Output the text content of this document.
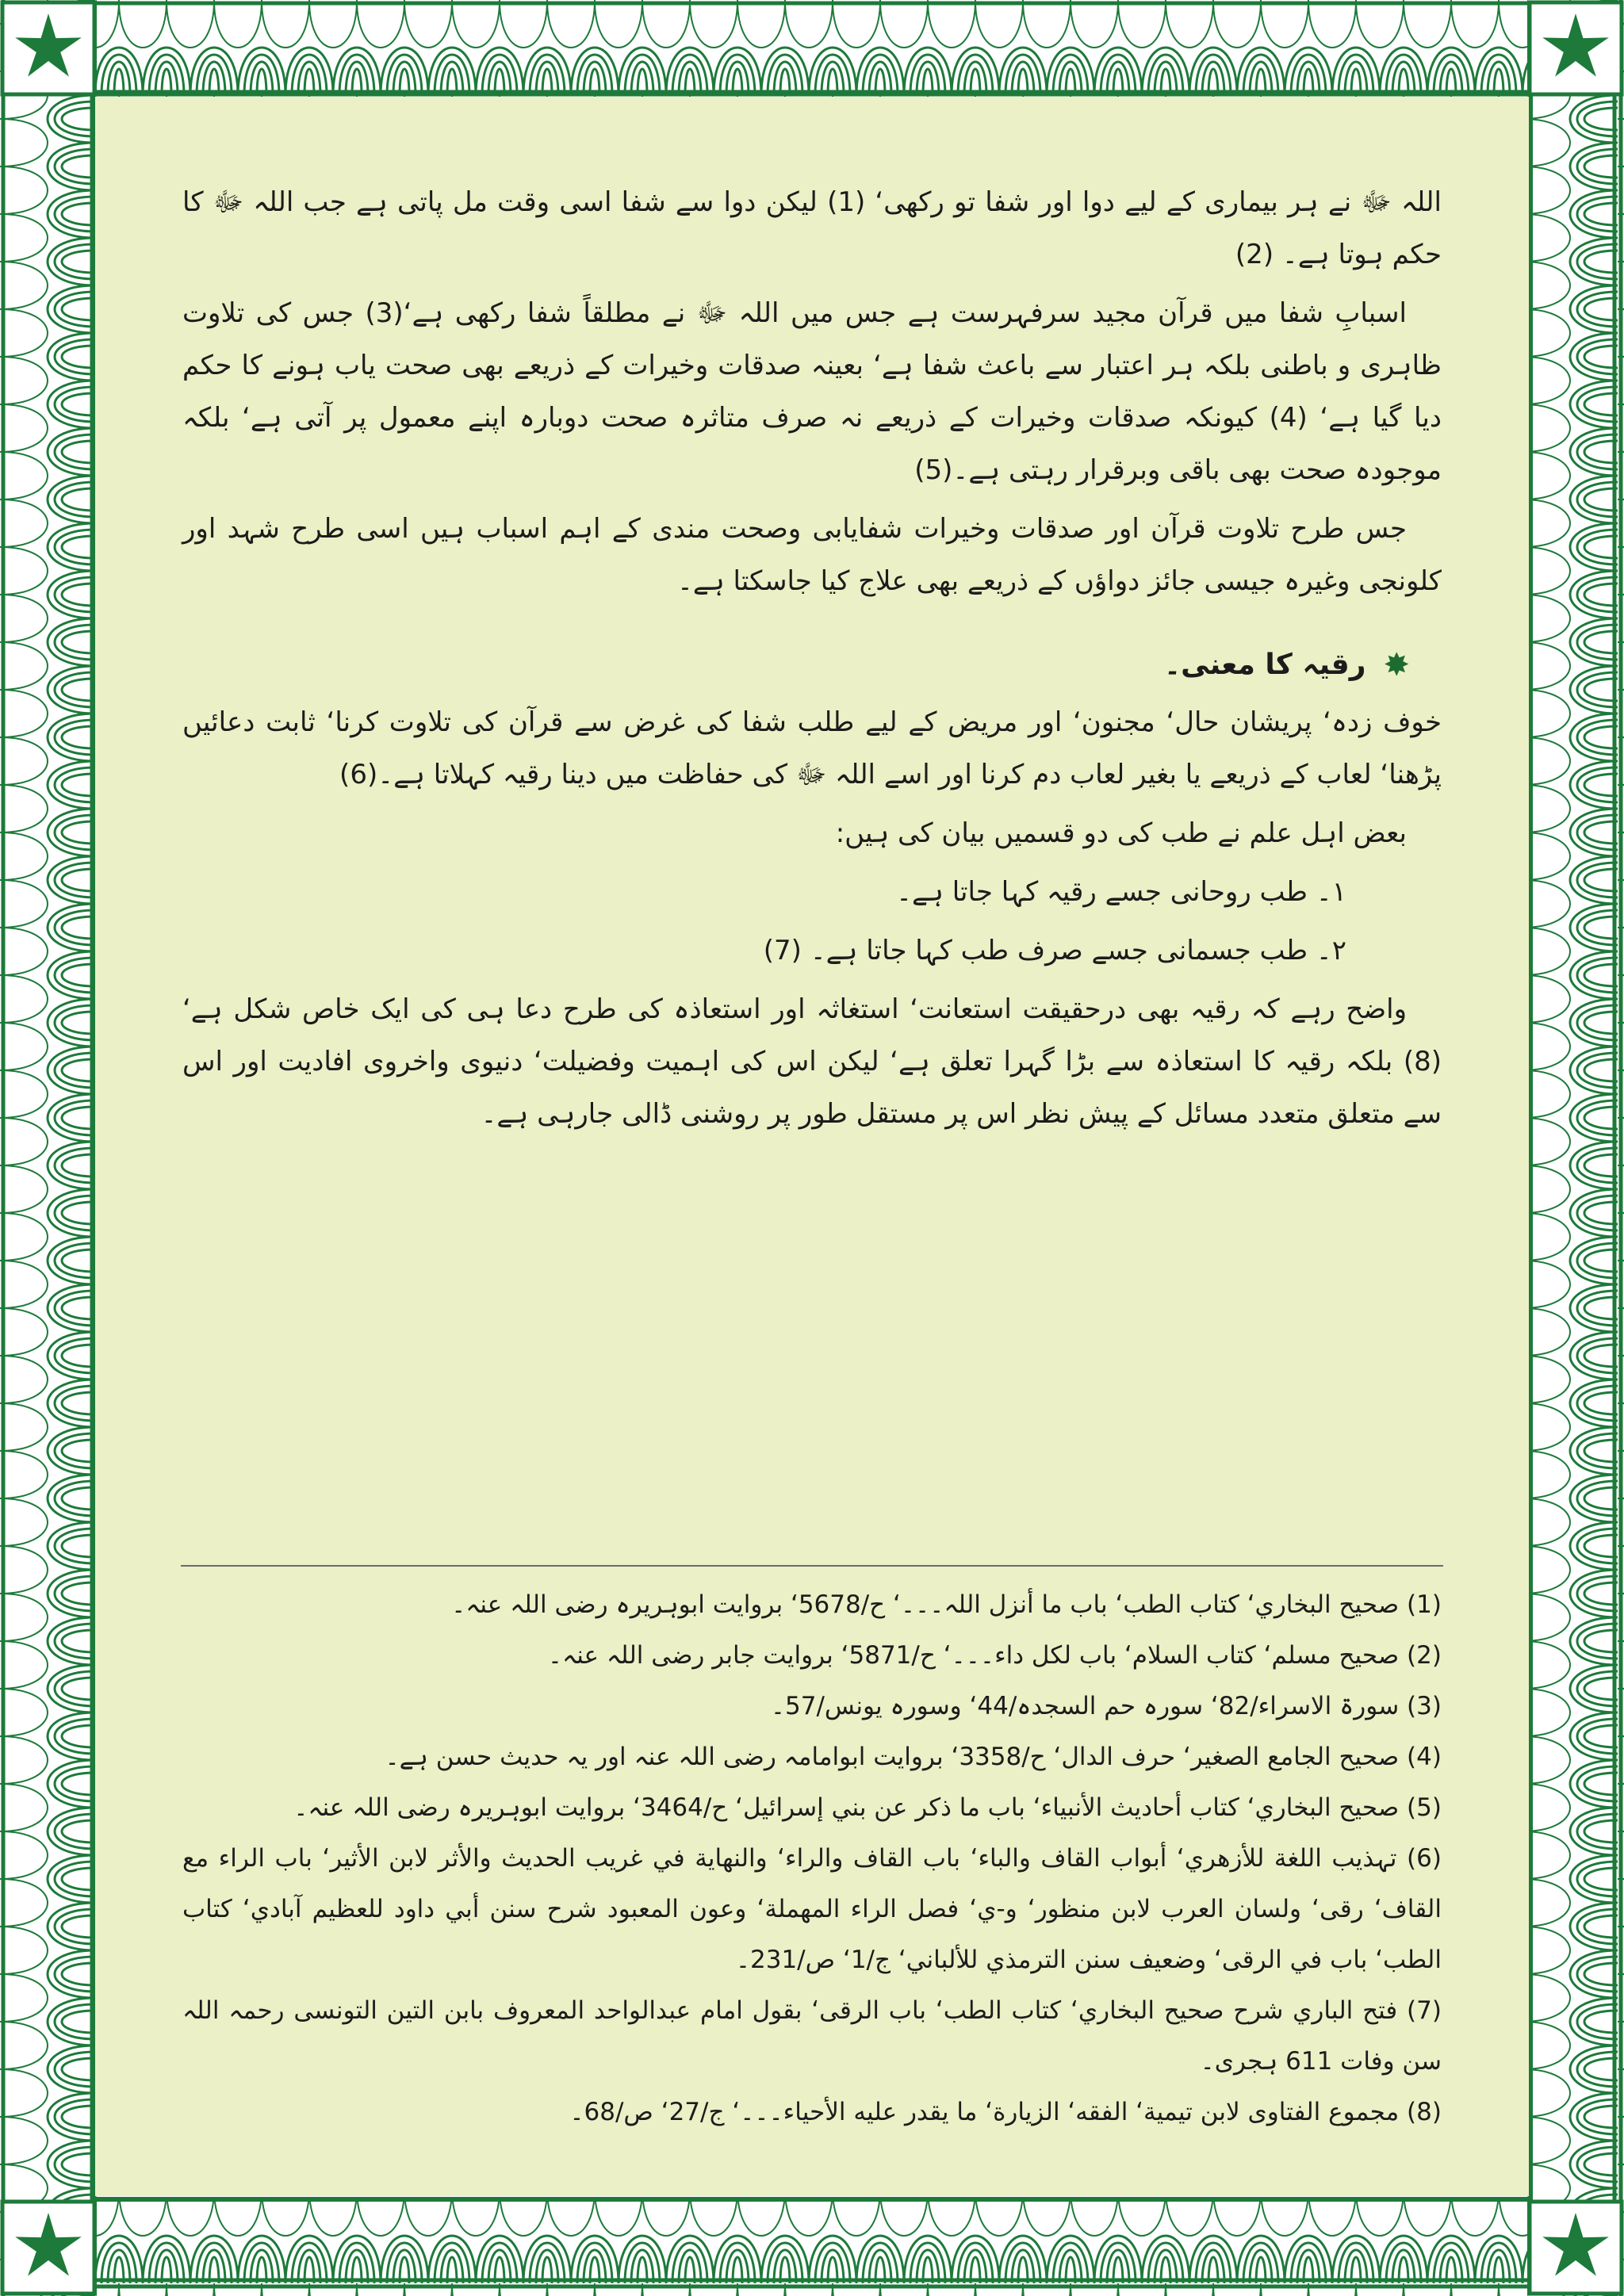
اللہ ﷻ نے ہر بیماری کے لیے دوا اور شفا تو رکھی‘ (1) لیکن دوا سے شفا اسی وقت مل پاتی ہے جب اللہ ﷻ کا حکم ہوتا ہے۔ (2)

اسبابِ شفا میں قرآن مجید سرفہرست ہے جس میں اللہ ﷻ نے مطلقاً شفا رکھی ہے‘(3) جس کی تلاوت ظاہری و باطنی بلکہ ہر اعتبار سے باعث شفا ہے‘ بعینہ صدقات وخیرات کے ذریعے بھی صحت یاب ہونے کا حکم دیا گیا ہے‘ (4) کیونکہ صدقات وخیرات کے ذریعے نہ صرف متاثرہ صحت دوبارہ اپنے معمول پر آتی ہے‘ بلکہ موجودہ صحت بھی باقی وبرقرار رہتی ہے۔(5)

جس طرح تلاوت قرآن اور صدقات وخیرات شفایابی وصحت مندی کے اہم اسباب ہیں اسی طرح شہد اور کلونجی وغیرہ جیسی جائز دواؤں کے ذریعے بھی علاج کیا جاسکتا ہے۔

✸
رقیہ کا معنی۔

خوف زدہ‘ پریشان حال‘ مجنون‘ اور مریض کے لیے طلب شفا کی غرض سے قرآن کی تلاوت کرنا‘ ثابت دعائیں پڑھنا‘ لعاب کے ذریعے یا بغیر لعاب دم کرنا اور اسے اللہ ﷻ کی حفاظت میں دینا رقیہ کہلاتا ہے۔(6)

بعض اہل علم نے طب کی دو قسمیں بیان کی ہیں:

۱۔ طب روحانی جسے رقیہ کہا جاتا ہے۔

۲۔ طب جسمانی جسے صرف طب کہا جاتا ہے۔ (7)

واضح رہے کہ رقیہ بھی درحقیقت استعانت‘ استغاثہ اور استعاذہ کی طرح دعا ہی کی ایک خاص شکل ہے‘ (8) بلکہ رقیہ کا استعاذہ سے بڑا گہرا تعلق ہے‘ لیکن اس کی اہمیت وفضیلت‘ دنیوی واخروی افادیت اور اس سے متعلق متعدد مسائل کے پیش نظر اس پر مستقل طور پر روشنی ڈالی جارہی ہے۔

(1) صحیح البخاري‘ کتاب الطب‘ باب ما أنزل اللہ۔۔۔‘ ح/5678‘ بروایت ابوہریرہ رضی اللہ عنہ۔

(2) صحیح مسلم‘ کتاب السلام‘ باب لکل داء۔۔۔‘ ح/5871‘ بروایت جابر رضی اللہ عنہ۔

(3) سورۃ الاسراء/82‘ سورہ حم السجدہ/44‘ وسورہ یونس/57۔

(4) صحیح الجامع الصغیر‘ حرف الدال‘ ح/3358‘ بروایت ابوامامہ رضی اللہ عنہ اور یہ حدیث حسن ہے۔

(5) صحیح البخاري‘ کتاب أحادیث الأنبیاء‘ باب ما ذکر عن بني إسرائیل‘ ح/3464‘ بروایت ابوہریرہ رضی اللہ عنہ۔

(6) تہذیب اللغة للأزهري‘ أبواب القاف والباء‘ باب القاف والراء‘ والنهایة في غریب الحدیث والأثر لابن الأثیر‘ باب الراء مع القاف‘ رقی‘ ولسان العرب لابن منظور‘ و-ي‘ فصل الراء المهملة‘ وعون المعبود شرح سنن أبي داود للعظیم آبادي‘ کتاب الطب‘ باب في الرقی‘ وضعیف سنن الترمذي للألباني‘ ج/1‘ ص/231۔

(7) فتح الباري شرح صحیح البخاري‘ کتاب الطب‘ باب الرقی‘ بقول امام عبدالواحد المعروف بابن التین التونسی رحمہ اللہ سن وفات 611 ہجری۔

(8) مجموع الفتاوی لابن تیمیة‘ الفقه‘ الزیارة‘ ما یقدر علیه الأحیاء۔۔۔‘ ج/27‘ ص/68۔
